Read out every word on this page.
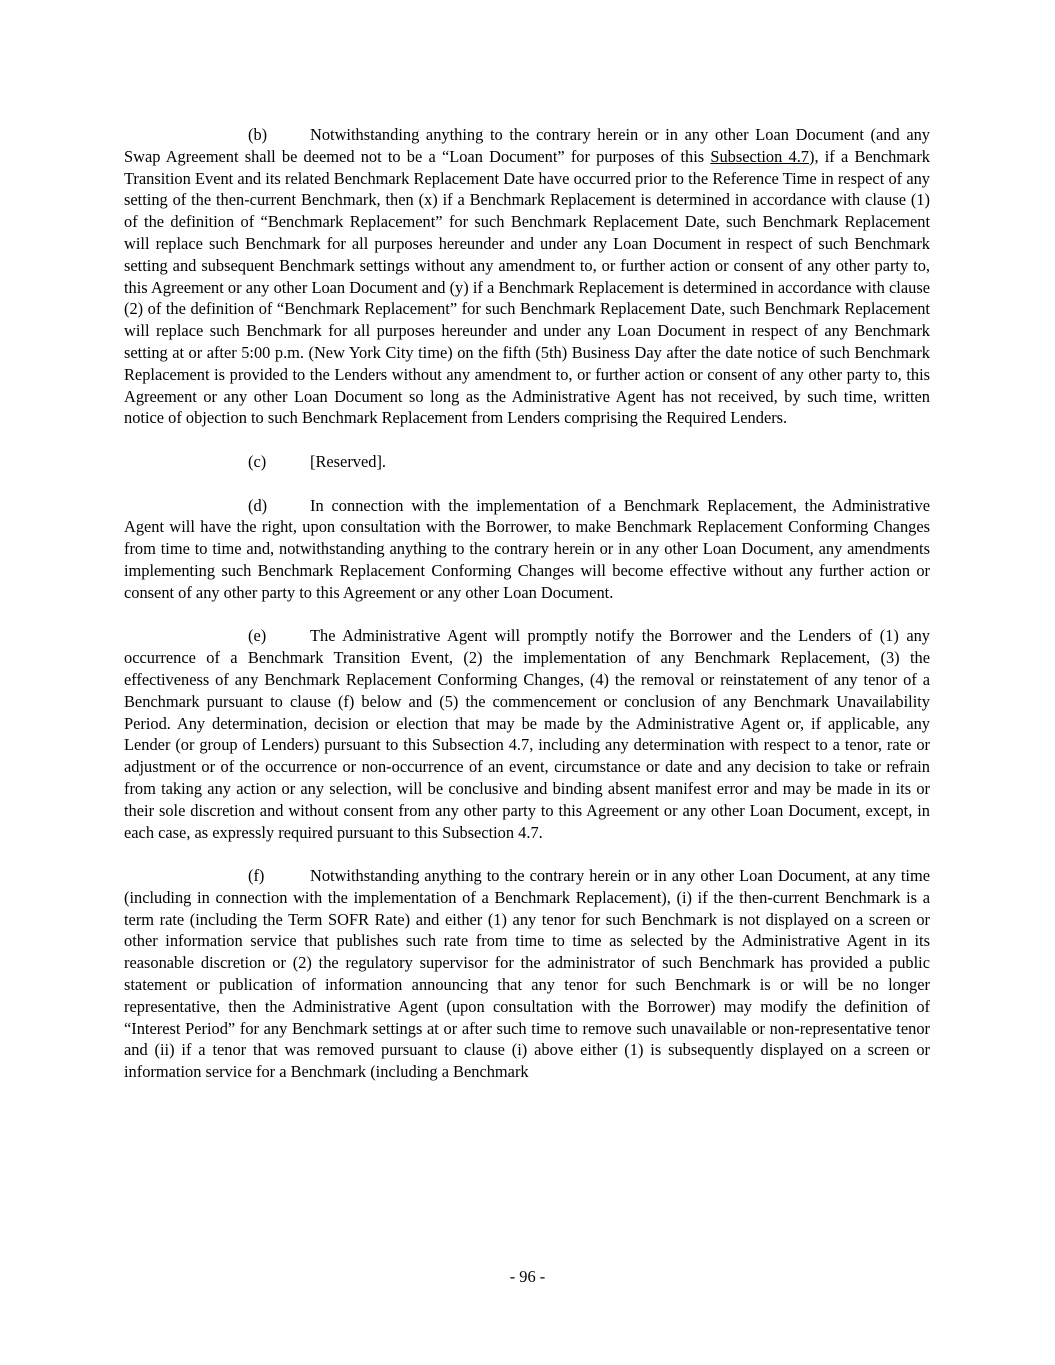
(b)	Notwithstanding anything to the contrary herein or in any other Loan Document (and any Swap Agreement shall be deemed not to be a “Loan Document” for purposes of this Subsection 4.7), if a Benchmark Transition Event and its related Benchmark Replacement Date have occurred prior to the Reference Time in respect of any setting of the then-current Benchmark, then (x) if a Benchmark Replacement is determined in accordance with clause (1) of the definition of “Benchmark Replacement” for such Benchmark Replacement Date, such Benchmark Replacement will replace such Benchmark for all purposes hereunder and under any Loan Document in respect of such Benchmark setting and subsequent Benchmark settings without any amendment to, or further action or consent of any other party to, this Agreement or any other Loan Document and (y) if a Benchmark Replacement is determined in accordance with clause (2) of the definition of “Benchmark Replacement” for such Benchmark Replacement Date, such Benchmark Replacement will replace such Benchmark for all purposes hereunder and under any Loan Document in respect of any Benchmark setting at or after 5:00 p.m. (New York City time) on the fifth (5th) Business Day after the date notice of such Benchmark Replacement is provided to the Lenders without any amendment to, or further action or consent of any other party to, this Agreement or any other Loan Document so long as the Administrative Agent has not received, by such time, written notice of objection to such Benchmark Replacement from Lenders comprising the Required Lenders.

(c)	[Reserved].

(d)	In connection with the implementation of a Benchmark Replacement, the Administrative Agent will have the right, upon consultation with the Borrower, to make Benchmark Replacement Conforming Changes from time to time and, notwithstanding anything to the contrary herein or in any other Loan Document, any amendments implementing such Benchmark Replacement Conforming Changes will become effective without any further action or consent of any other party to this Agreement or any other Loan Document.

(e)	The Administrative Agent will promptly notify the Borrower and the Lenders of (1) any occurrence of a Benchmark Transition Event, (2) the implementation of any Benchmark Replacement, (3) the effectiveness of any Benchmark Replacement Conforming Changes, (4) the removal or reinstatement of any tenor of a Benchmark pursuant to clause (f) below and (5) the commencement or conclusion of any Benchmark Unavailability Period. Any determination, decision or election that may be made by the Administrative Agent or, if applicable, any Lender (or group of Lenders) pursuant to this Subsection 4.7, including any determination with respect to a tenor, rate or adjustment or of the occurrence or non-occurrence of an event, circumstance or date and any decision to take or refrain from taking any action or any selection, will be conclusive and binding absent manifest error and may be made in its or their sole discretion and without consent from any other party to this Agreement or any other Loan Document, except, in each case, as expressly required pursuant to this Subsection 4.7.

(f)	Notwithstanding anything to the contrary herein or in any other Loan Document, at any time (including in connection with the implementation of a Benchmark Replacement), (i) if the then-current Benchmark is a term rate (including the Term SOFR Rate) and either (1) any tenor for such Benchmark is not displayed on a screen or other information service that publishes such rate from time to time as selected by the Administrative Agent in its reasonable discretion or (2) the regulatory supervisor for the administrator of such Benchmark has provided a public statement or publication of information announcing that any tenor for such Benchmark is or will be no longer representative, then the Administrative Agent (upon consultation with the Borrower) may modify the definition of “Interest Period” for any Benchmark settings at or after such time to remove such unavailable or non-representative tenor and (ii) if a tenor that was removed pursuant to clause (i) above either (1) is subsequently displayed on a screen or information service for a Benchmark (including a Benchmark

- 96 -
